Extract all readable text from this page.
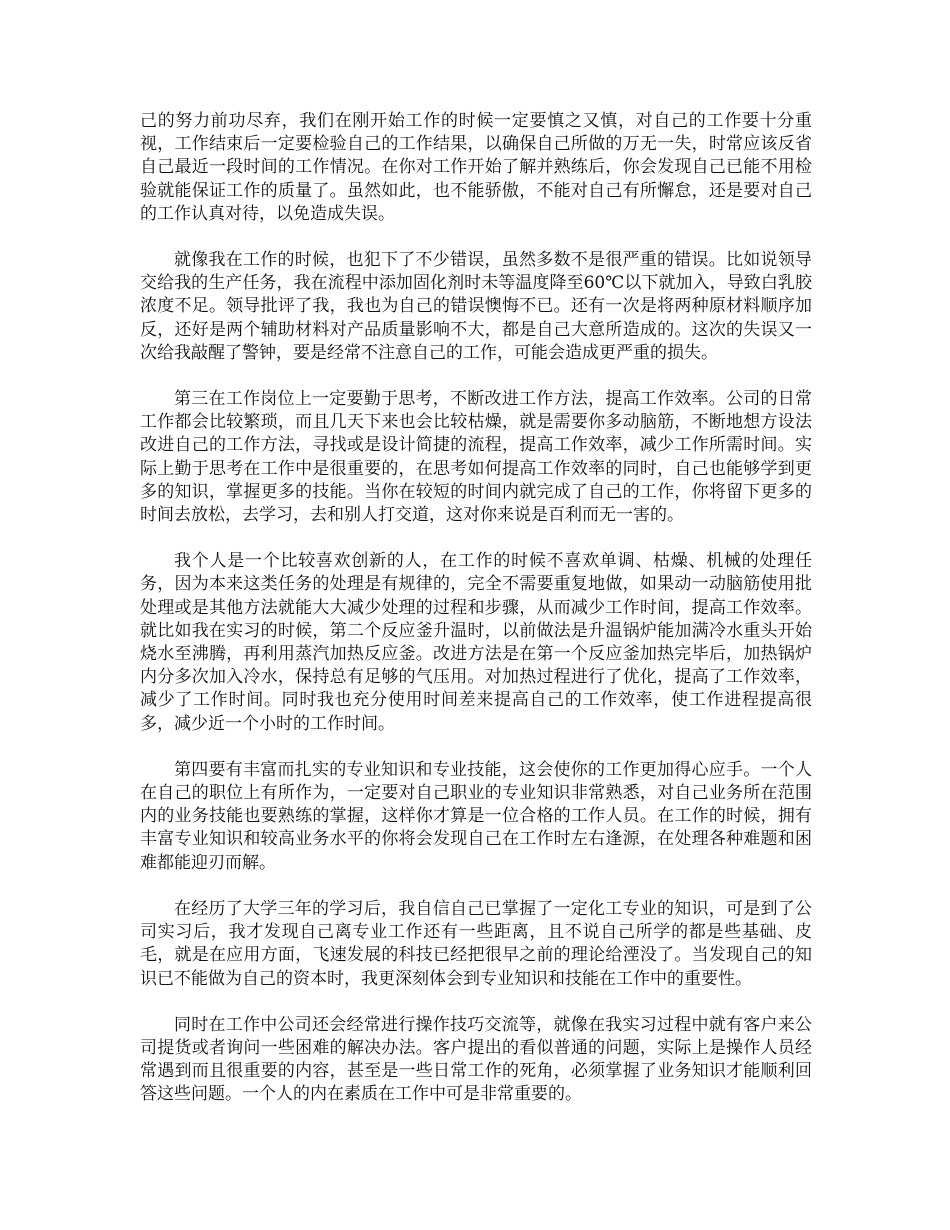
己的努力前功尽弃，我们在刚开始工作的时候一定要慎之又慎，对自己的工作要十分重视，工作结束后一定要检验自己的工作结果，以确保自己所做的万无一失，时常应该反省自己最近一段时间的工作情况。在你对工作开始了解并熟练后，你会发现自己已能不用检验就能保证工作的质量了。虽然如此，也不能骄傲，不能对自己有所懈怠，还是要对自己的工作认真对待，以免造成失误。

就像我在工作的时候，也犯下了不少错误，虽然多数不是很严重的错误。比如说领导交给我的生产任务，我在流程中添加固化剂时未等温度降至60℃以下就加入，导致白乳胶浓度不足。领导批评了我，我也为自己的错误懊悔不已。还有一次是将两种原材料顺序加反，还好是两个辅助材料对产品质量影响不大，都是自己大意所造成的。这次的失误又一次给我敲醒了警钟，要是经常不注意自己的工作，可能会造成更严重的损失。

第三在工作岗位上一定要勤于思考，不断改进工作方法，提高工作效率。公司的日常工作都会比较繁琐，而且几天下来也会比较枯燥，就是需要你多动脑筋，不断地想方设法改进自己的工作方法，寻找或是设计简捷的流程，提高工作效率，减少工作所需时间。实际上勤于思考在工作中是很重要的，在思考如何提高工作效率的同时，自己也能够学到更多的知识，掌握更多的技能。当你在较短的时间内就完成了自己的工作，你将留下更多的时间去放松，去学习，去和别人打交道，这对你来说是百利而无一害的。

我个人是一个比较喜欢创新的人，在工作的时候不喜欢单调、枯燥、机械的处理任务，因为本来这类任务的处理是有规律的，完全不需要重复地做，如果动一动脑筋使用批处理或是其他方法就能大大减少处理的过程和步骤，从而减少工作时间，提高工作效率。就比如我在实习的时候，第二个反应釜升温时，以前做法是升温锅炉能加满冷水重头开始烧水至沸腾，再利用蒸汽加热反应釜。改进方法是在第一个反应釜加热完毕后，加热锅炉内分多次加入冷水，保持总有足够的气压用。对加热过程进行了优化，提高了工作效率，减少了工作时间。同时我也充分使用时间差来提高自己的工作效率，使工作进程提高很多，减少近一个小时的工作时间。

第四要有丰富而扎实的专业知识和专业技能，这会使你的工作更加得心应手。一个人在自己的职位上有所作为，一定要对自己职业的专业知识非常熟悉，对自己业务所在范围内的业务技能也要熟练的掌握，这样你才算是一位合格的工作人员。在工作的时候，拥有丰富专业知识和较高业务水平的你将会发现自己在工作时左右逢源，在处理各种难题和困难都能迎刃而解。

在经历了大学三年的学习后，我自信自己已掌握了一定化工专业的知识，可是到了公司实习后，我才发现自己离专业工作还有一些距离，且不说自己所学的都是些基础、皮毛，就是在应用方面，飞速发展的科技已经把很早之前的理论给湮没了。当发现自己的知识已不能做为自己的资本时，我更深刻体会到专业知识和技能在工作中的重要性。

同时在工作中公司还会经常进行操作技巧交流等，就像在我实习过程中就有客户来公司提货或者询问一些困难的解决办法。客户提出的看似普通的问题，实际上是操作人员经常遇到而且很重要的内容，甚至是一些日常工作的死角，必须掌握了业务知识才能顺利回答这些问题。一个人的内在素质在工作中可是非常重要的。
